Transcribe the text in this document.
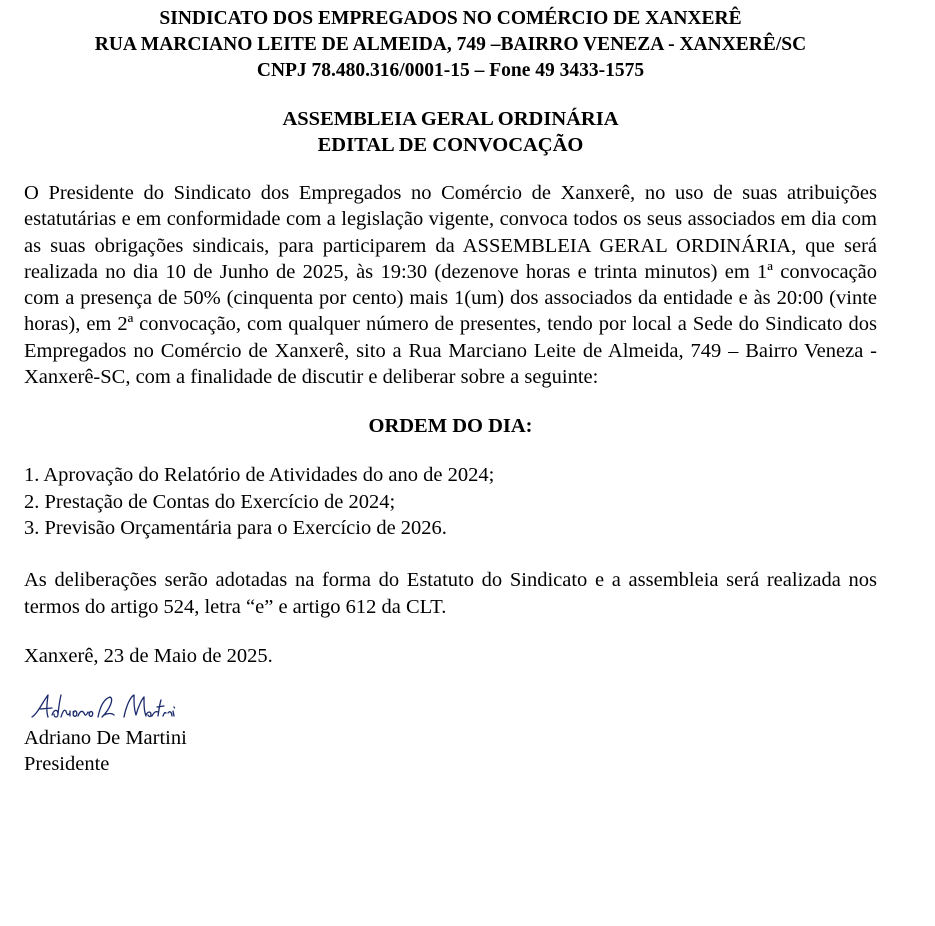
SINDICATO DOS EMPREGADOS NO COMÉRCIO DE XANXERÊ
RUA MARCIANO LEITE DE ALMEIDA, 749 –BAIRRO VENEZA - XANXERÊ/SC
CNPJ 78.480.316/0001-15 – Fone 49 3433-1575
ASSEMBLEIA GERAL ORDINÁRIA
EDITAL DE CONVOCAÇÃO

O Presidente do Sindicato dos Empregados no Comércio de Xanxerê, no uso de suas atribuições estatutárias e em conformidade com a legislação vigente, convoca todos os seus associados em dia com as suas obrigações sindicais, para participarem da ASSEMBLEIA GERAL ORDINÁRIA, que será realizada no dia 10 de Junho de 2025, às 19:30 (dezenove horas e trinta minutos) em 1ª convocação com a presença de 50% (cinquenta por cento) mais 1(um) dos associados da entidade e às 20:00 (vinte horas), em 2ª convocação, com qualquer número de presentes, tendo por local a Sede do Sindicato dos Empregados no Comércio de Xanxerê, sito a Rua Marciano Leite de Almeida, 749 – Bairro Veneza - Xanxerê-SC, com a finalidade de discutir e deliberar sobre a seguinte:

ORDEM DO DIA:
1. Aprovação do Relatório de Atividades do ano de 2024;
2. Prestação de Contas do Exercício de 2024;
3. Previsão Orçamentária para o Exercício de 2026.
As deliberações serão adotadas na forma do Estatuto do Sindicato e a assembleia será realizada nos termos do artigo 524, letra “e” e artigo 612 da CLT.
Xanxerê, 23 de Maio de 2025.
Adriano De Martini
Presidente
